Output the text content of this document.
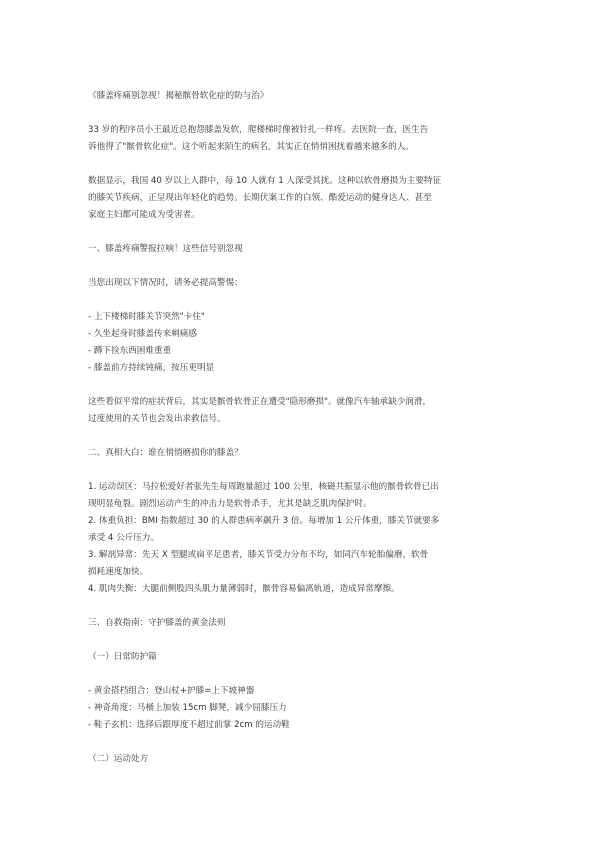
《膝盖疼痛别忽视！揭秘髌骨软化症的防与治》

33 岁的程序员小王最近总抱怨膝盖发软，爬楼梯时像被针扎一样疼。去医院一查，医生告

诉他得了"髌骨软化症"。这个听起来陌生的病名，其实正在悄悄困扰着越来越多的人。

数据显示，我国 40 岁以上人群中，每 10 人就有 1 人深受其扰。这种以软骨磨损为主要特征

的膝关节疾病，正呈现出年轻化的趋势。长期伏案工作的白领、酷爱运动的健身达人、甚至

家庭主妇都可能成为受害者。

一、膝盖疼痛警报拉响！这些信号别忽视

当您出现以下情况时，请务必提高警惕：

- 上下楼梯时膝关节突然"卡住"

- 久坐起身时膝盖传来刺痛感

- 蹲下捡东西困难重重

- 膝盖前方持续钝痛，按压更明显

这些看似平常的症状背后，其实是髌骨软骨正在遭受"隐形磨损"。就像汽车轴承缺少润滑，

过度使用的关节也会发出求救信号。

二、真相大白：谁在悄悄磨损你的膝盖？

1. 运动误区：马拉松爱好者张先生每周跑量超过 100 公里，核磁共振显示他的髌骨软骨已出

现明显龟裂。剧烈运动产生的冲击力是软骨杀手，尤其是缺乏肌肉保护时。

2. 体重负担：BMI 指数超过 30 的人群患病率飙升 3 倍。每增加 1 公斤体重，膝关节就要多

承受 4 公斤压力。

3. 解剖异常：先天 X 型腿或扁平足患者，膝关节受力分布不均，如同汽车轮胎偏磨，软骨

损耗速度加快。

4. 肌肉失衡：大腿前侧股四头肌力量薄弱时，髌骨容易偏离轨道，造成异常摩擦。

三、自救指南：守护膝盖的黄金法则

（一）日常防护篇

- 黄金搭档组合：登山杖+护膝=上下坡神器

- 神奇角度：马桶上加装 15cm 脚凳，减少屈膝压力

- 鞋子玄机：选择后跟厚度不超过前掌 2cm 的运动鞋

（二）运动处方
